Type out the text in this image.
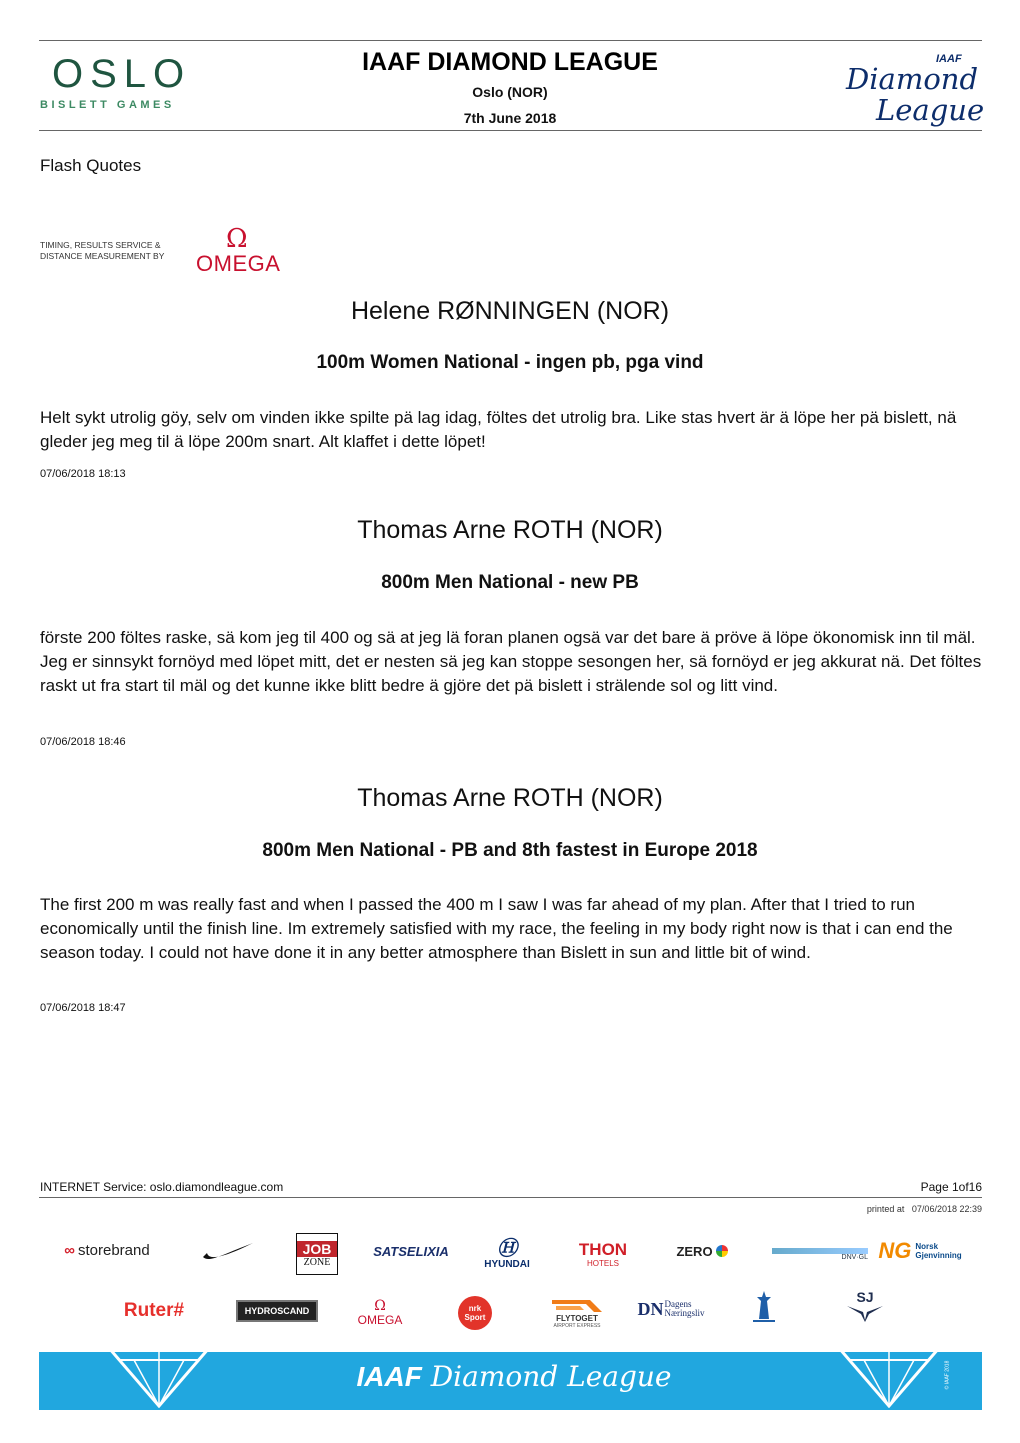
OSLO
BISLETT GAMES
IAAF DIAMOND LEAGUE
Oslo (NOR)
7th June 2018
IAAF
Diamond
League
Flash Quotes
TIMING, RESULTS SERVICE &
DISTANCE MEASUREMENT BY
Ω
OMEGA
Helene RØNNINGEN (NOR)
100m Women National - ingen pb, pga vind
Helt sykt utrolig göy, selv om vinden ikke spilte pä lag idag, föltes det utrolig bra. Like stas hvert är ä löpe her pä bislett, nä gleder jeg meg til ä löpe 200m snart. Alt klaffet i dette löpet!
07/06/2018 18:13
Thomas Arne ROTH (NOR)
800m Men National - new PB
förste 200 föltes raske, sä kom jeg til 400 og sä at jeg lä foran planen ogsä var det bare ä pröve ä löpe ökonomisk inn til mäl. Jeg er sinnsykt fornöyd med löpet mitt, det er nesten sä jeg kan stoppe sesongen her, sä fornöyd er jeg akkurat nä. Det föltes raskt ut fra start til mäl og det kunne ikke blitt bedre ä gjöre det pä bislett i strälende sol og litt vind.
07/06/2018 18:46
Thomas Arne ROTH (NOR)
800m Men National - PB and 8th fastest in Europe 2018
The first 200 m was really fast and when I passed the 400 m I saw I was far ahead of my plan. After that I tried to run economically until the finish line. Im extremely satisfied with my race, the feeling in my body right now is that i can end the season today. I could not have done it in any better atmosphere than Bislett in sun and little bit of wind.
07/06/2018 18:47
INTERNET Service: oslo.diamondleague.com	Page 1of16
printed at 07/06/2018 22:39
∞ storebrand	JOB
ZONE
SATSELIXIA	Ⓗ
HYUNDAI
THON
HOTELS
ZERO	DNV·GL NG Norsk
Gjenvinning
Ruter#	HYDROSCAND	Ω
OMEGA
nrk
Sport	FLYTOGET
AIRPORT EXPRESS
DN Dagens
Næringsliv
SJ
IAAF Diamond League	© IAAF 2018
